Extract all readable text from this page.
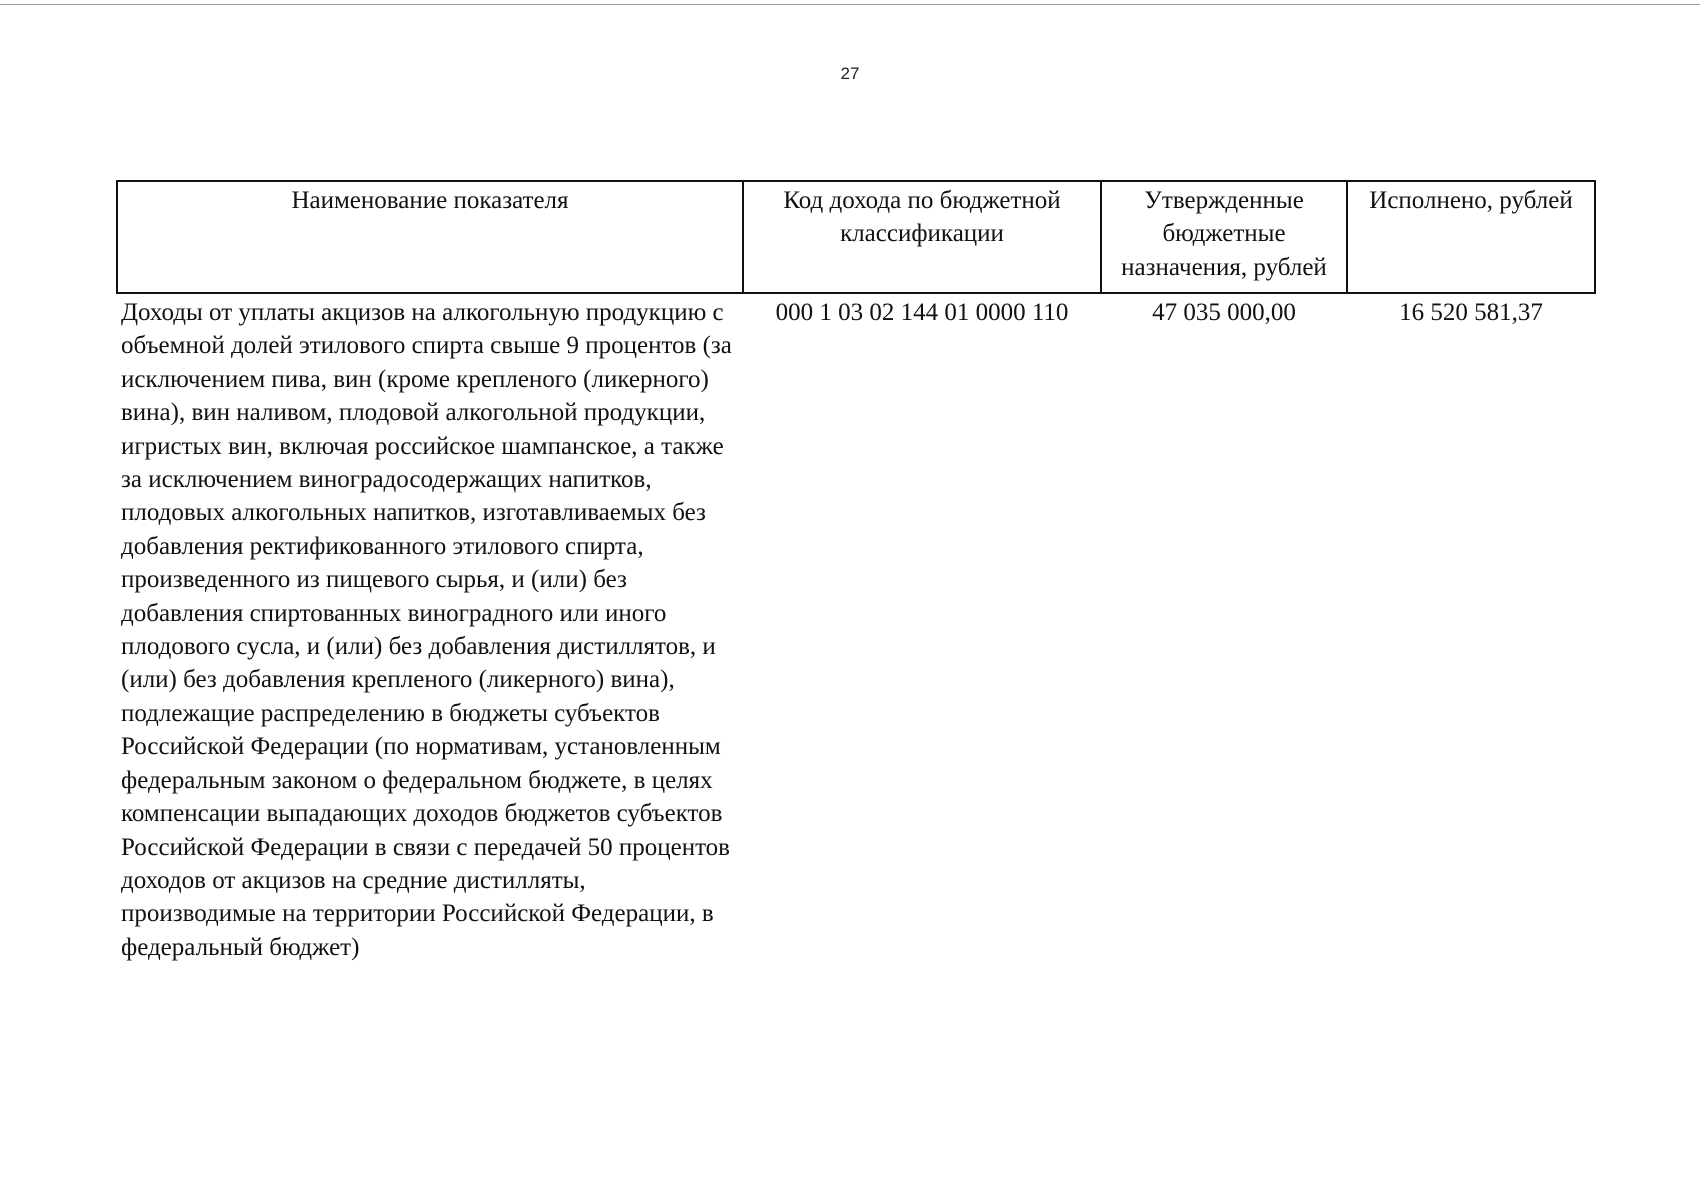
27
Наименование показателя	Код дохода по бюджетной классификации	Утвержденные бюджетные назначения, рублей	Исполнено, рублей
Доходы от уплаты акцизов на алкогольную продукцию с объемной долей этилового спирта свыше 9 процентов (за исключением пива, вин (кроме крепленого (ликерного) вина), вин наливом, плодовой алкогольной продукции, игристых вин, включая российское шампанское, а также за исключением виноградосодержащих напитков, плодовых алкогольных напитков, изготавливаемых без добавления ректификованного этилового спирта, произведенного из пищевого сырья, и (или) без добавления спиртованных виноградного или иного плодового сусла, и (или) без добавления дистиллятов, и (или) без добавления крепленого (ликерного) вина), подлежащие распределению в бюджеты субъектов Российской Федерации (по нормативам, установленным федеральным законом о федеральном бюджете, в целях компенсации выпадающих доходов бюджетов субъектов Российской Федерации в связи с передачей 50 процентов доходов от акцизов на средние дистилляты, производимые на территории Российской Федерации, в федеральный бюджет)	000 1 03 02 144 01 0000 110	47 035 000,00	16 520 581,37
